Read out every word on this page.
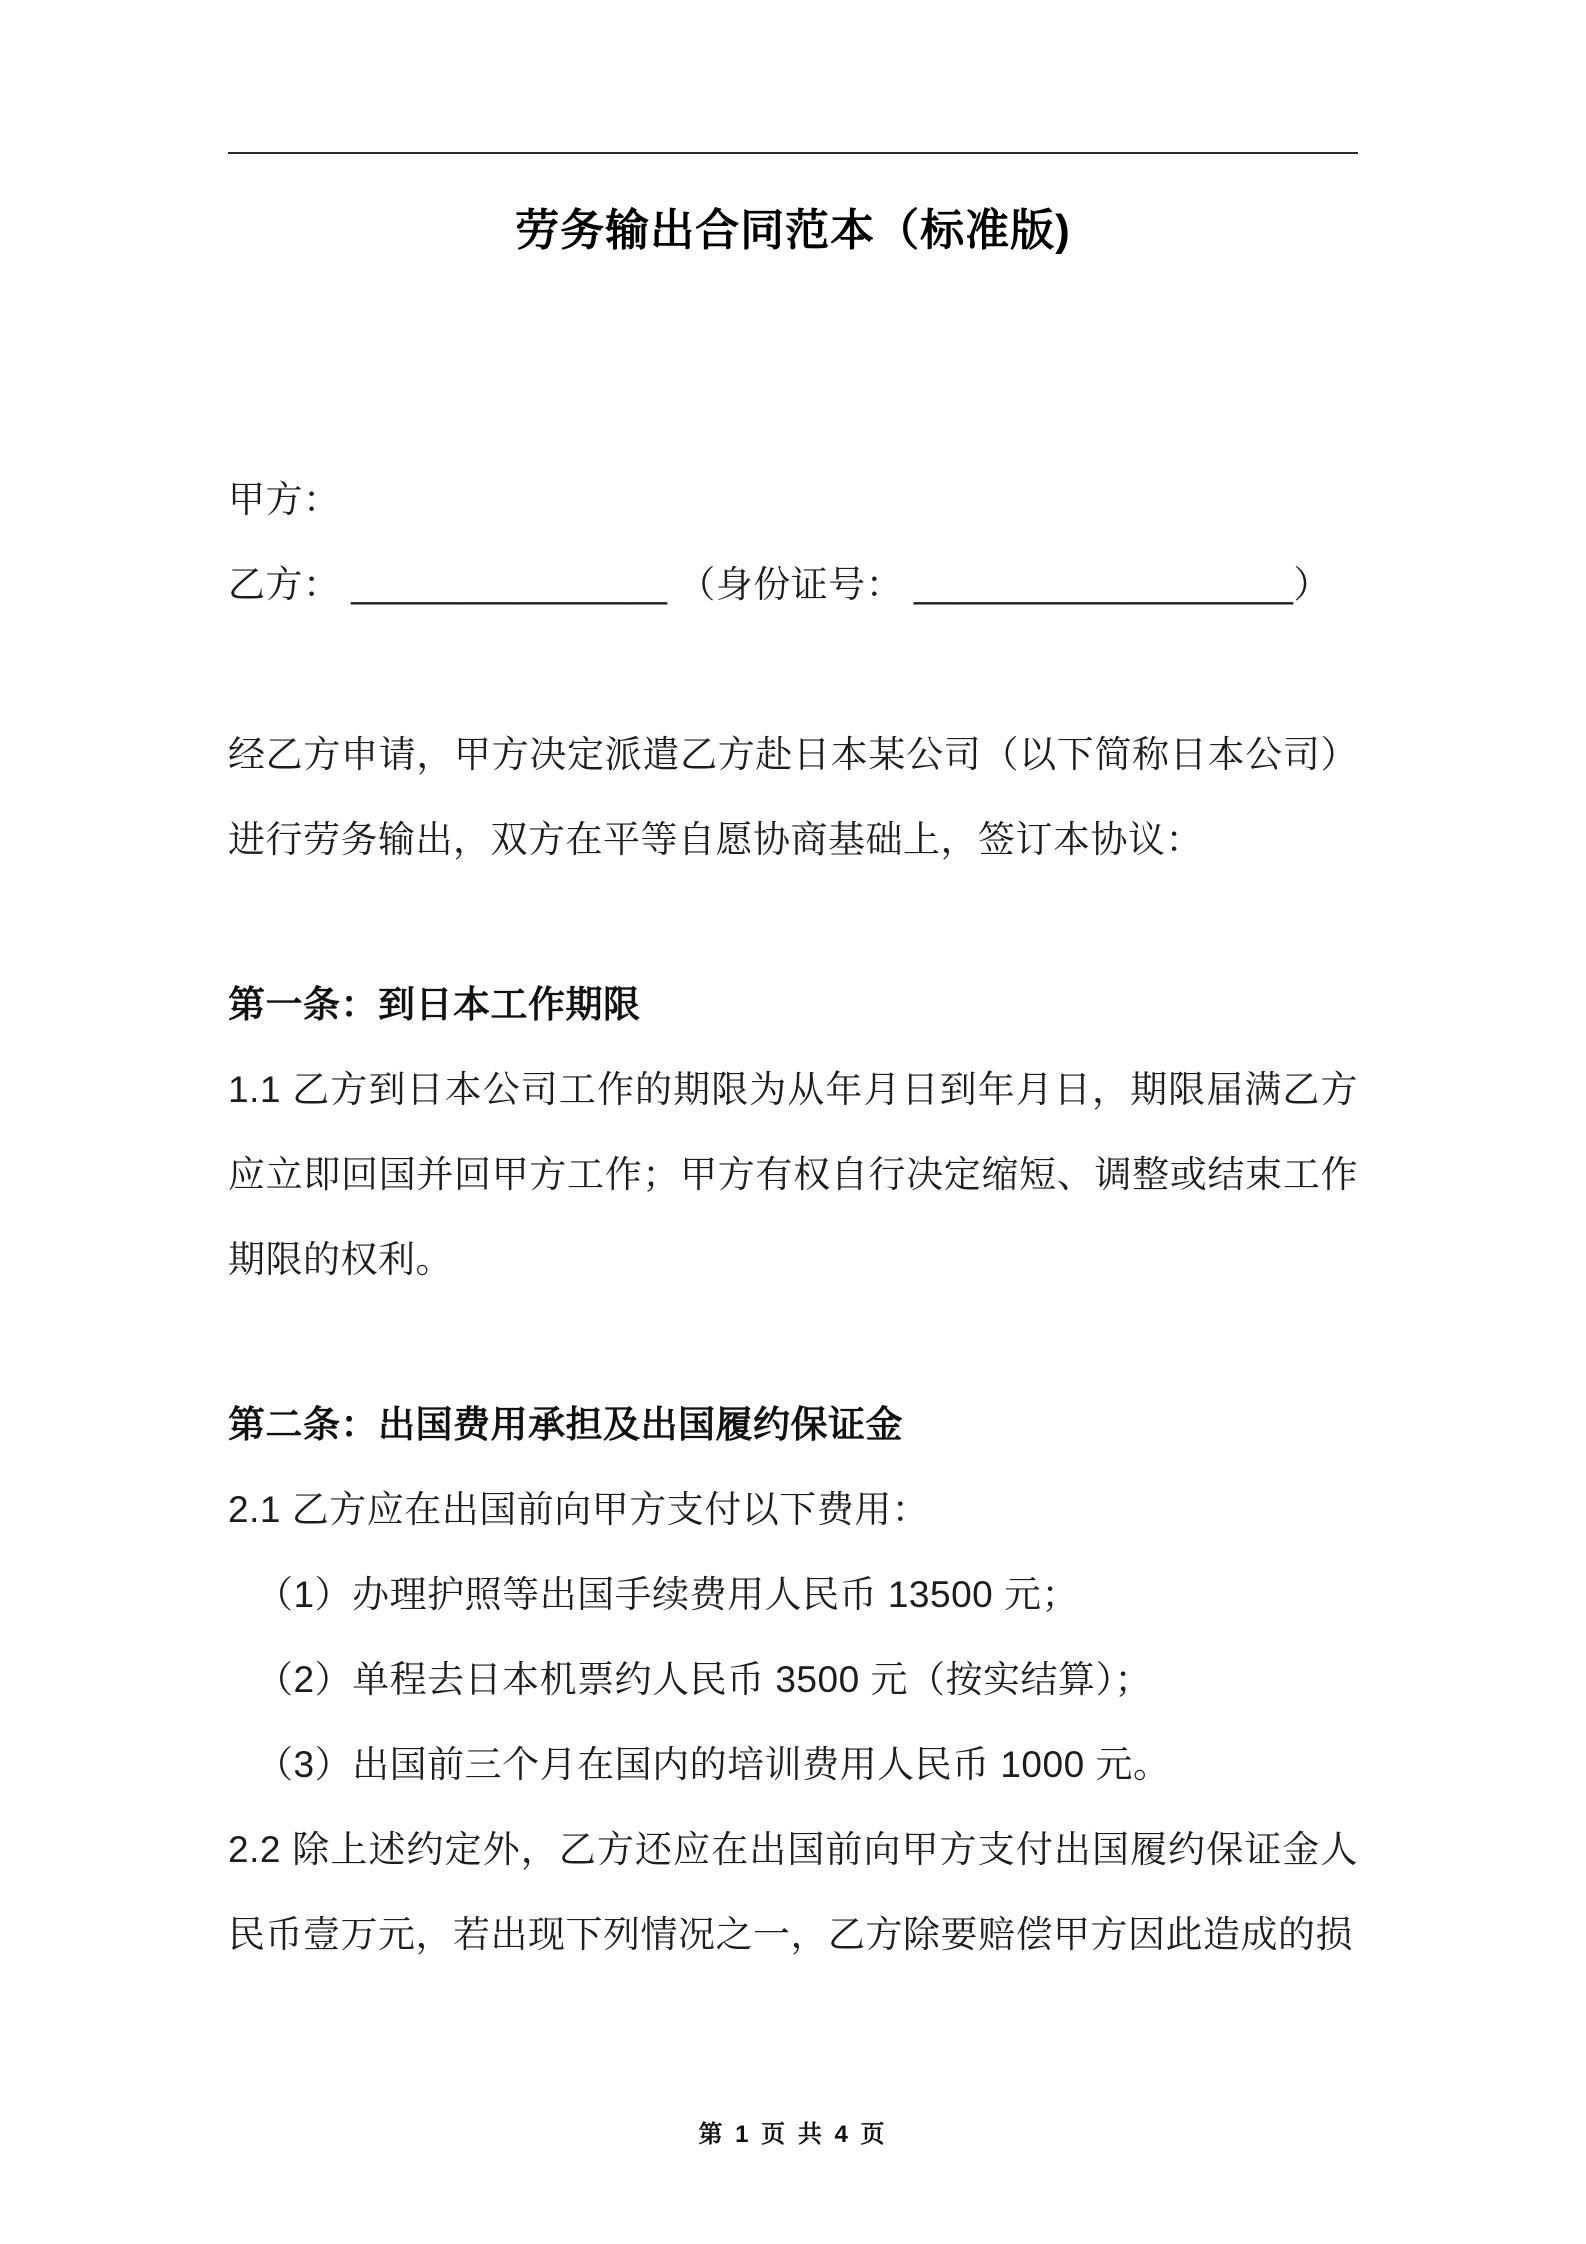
劳务输出合同范本（标准版)

甲方：

乙方： _______________ （身份证号： __________________）

经乙方申请，甲方决定派遣乙方赴日本某公司（以下简称日本公司）进行劳务输出，双方在平等自愿协商基础上，签订本协议：

第一条：到日本工作期限

1.1 乙方到日本公司工作的期限为从年月日到年月日，期限届满乙方应立即回国并回甲方工作；甲方有权自行决定缩短、调整或结束工作期限的权利。

第二条：出国费用承担及出国履约保证金

2.1 乙方应在出国前向甲方支付以下费用：

（1）办理护照等出国手续费用人民币 13500 元；

（2）单程去日本机票约人民币 3500 元（按实结算）；

（3）出国前三个月在国内的培训费用人民币 1000 元。

2.2 除上述约定外，乙方还应在出国前向甲方支付出国履约保证金人民币壹万元，若出现下列情况之一，乙方除要赔偿甲方因此造成的损

第 1 页 共 4 页
